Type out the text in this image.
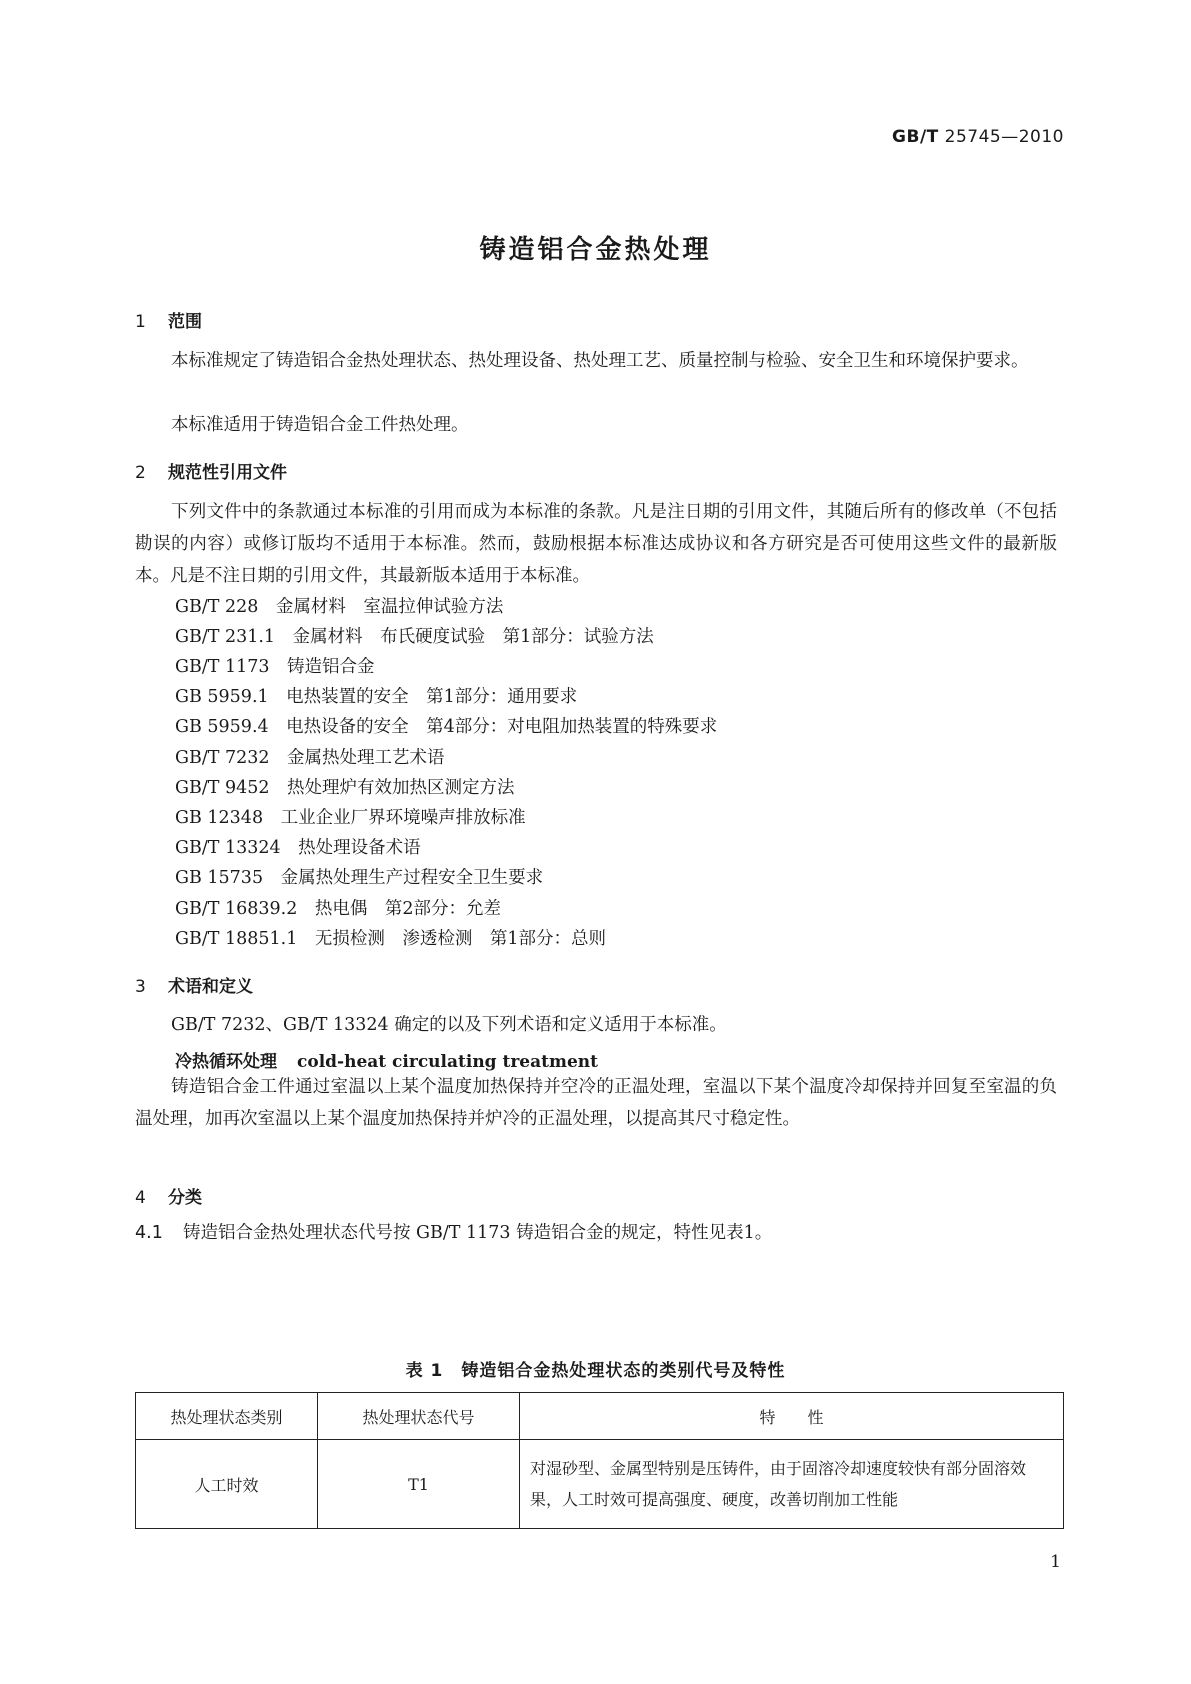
GB/T 25745—2010
铸造铝合金热处理
1 范围
本标准规定了铸造铝合金热处理状态、热处理设备、热处理工艺、质量控制与检验、安全卫生和环境保护要求。
本标准适用于铸造铝合金工件热处理。
2 规范性引用文件
下列文件中的条款通过本标准的引用而成为本标准的条款。凡是注日期的引用文件，其随后所有的修改单（不包括勘误的内容）或修订版均不适用于本标准。然而，鼓励根据本标准达成协议和各方研究是否可使用这些文件的最新版本。凡是不注日期的引用文件，其最新版本适用于本标准。
GB/T 228　 金属材料　室温拉伸试验方法
GB/T 231.1　 金属材料　布氏硬度试验　第1部分：试验方法
GB/T 1173　 铸造铝合金
GB 5959.1　 电热装置的安全　第1部分：通用要求
GB 5959.4　 电热设备的安全　第4部分：对电阻加热装置的特殊要求
GB/T 7232　 金属热处理工艺术语
GB/T 9452　 热处理炉有效加热区测定方法
GB 12348　 工业企业厂界环境噪声排放标准
GB/T 13324　 热处理设备术语
GB 15735　 金属热处理生产过程安全卫生要求
GB/T 16839.2　 热电偶　第2部分：允差
GB/T 18851.1　 无损检测　渗透检测　第1部分：总则
3 术语和定义
GB/T 7232、GB/T 13324 确定的以及下列术语和定义适用于本标准。
冷热循环处理 cold-heat circulating treatment
铸造铝合金工件通过室温以上某个温度加热保持并空冷的正温处理，室温以下某个温度冷却保持并回复至室温的负温处理，加再次室温以上某个温度加热保持并炉冷的正温处理，以提高其尺寸稳定性。
4 分类
4.1 铸造铝合金热处理状态代号按 GB/T 1173 铸造铝合金的规定，特性见表1。
表 1　铸造铝合金热处理状态的类别代号及特性
热处理状态类别	热处理状态代号	特　　性
人工时效	T1	对湿砂型、金属型特别是压铸件，由于固溶冷却速度较快有部分固溶效果，人工时效可提高强度、硬度，改善切削加工性能
1
